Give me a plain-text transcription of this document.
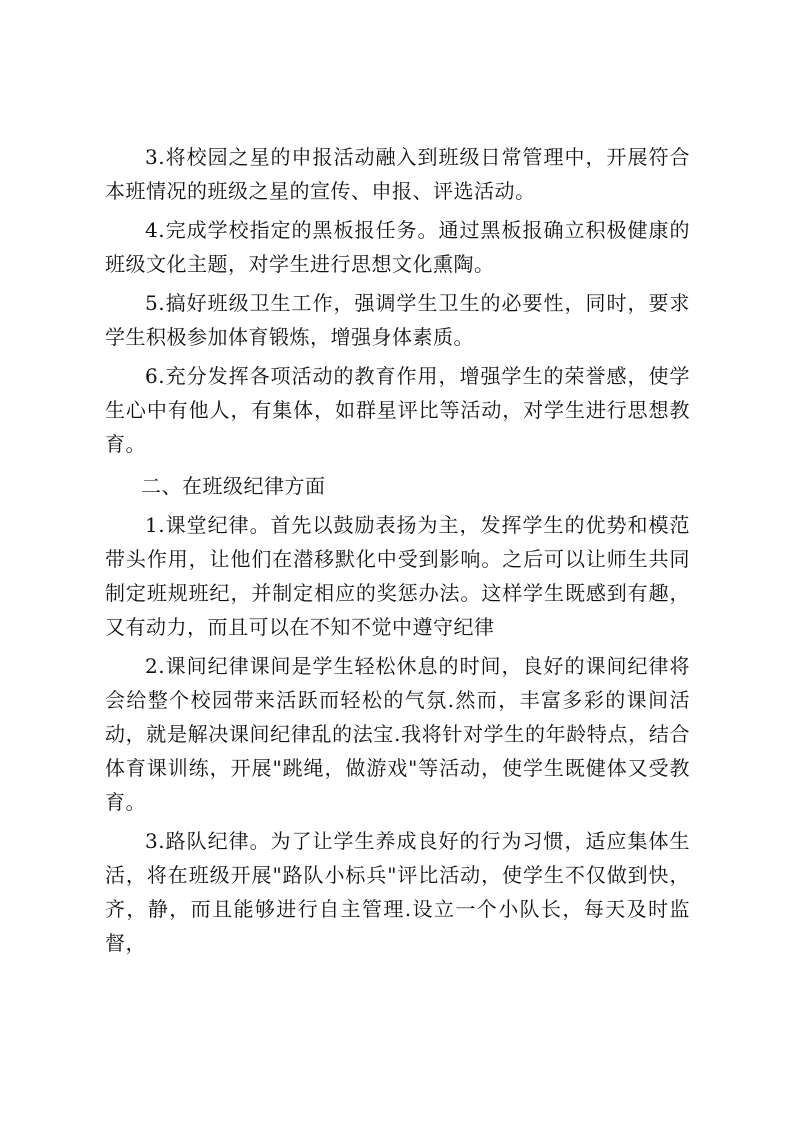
3.将校园之星的申报活动融入到班级日常管理中，开展符合本班情况的班级之星的宣传、申报、评选活动。

4.完成学校指定的黑板报任务。通过黑板报确立积极健康的班级文化主题，对学生进行思想文化熏陶。

5.搞好班级卫生工作，强调学生卫生的必要性，同时，要求学生积极参加体育锻炼，增强身体素质。

6.充分发挥各项活动的教育作用，增强学生的荣誉感，使学生心中有他人，有集体，如群星评比等活动，对学生进行思想教育。

二、在班级纪律方面

1.课堂纪律。首先以鼓励表扬为主，发挥学生的优势和模范带头作用，让他们在潜移默化中受到影响。之后可以让师生共同制定班规班纪，并制定相应的奖惩办法。这样学生既感到有趣，又有动力，而且可以在不知不觉中遵守纪律

2.课间纪律课间是学生轻松休息的时间，良好的课间纪律将会给整个校园带来活跃而轻松的气氛.然而，丰富多彩的课间活动，就是解决课间纪律乱的法宝.我将针对学生的年龄特点，结合体育课训练，开展"跳绳，做游戏"等活动，使学生既健体又受教育。

3.路队纪律。为了让学生养成良好的行为习惯，适应集体生活，将在班级开展"路队小标兵"评比活动，使学生不仅做到快，齐，静，而且能够进行自主管理.设立一个小队长，每天及时监督，
